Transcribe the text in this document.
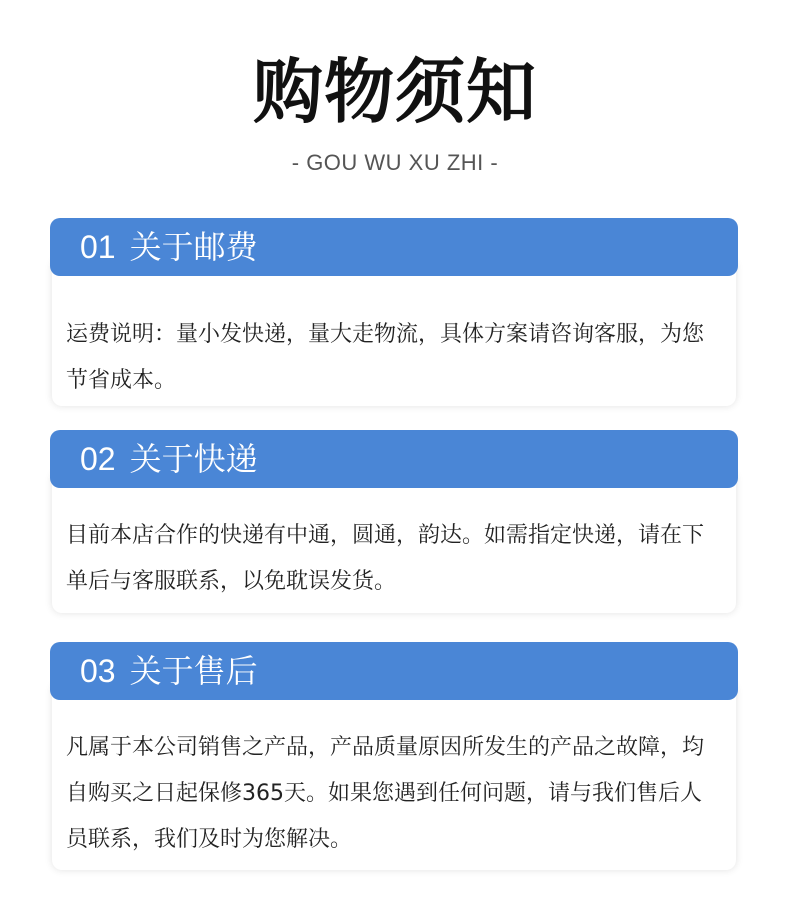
购物须知
- GOU WU XU ZHI -

运费说明：量小发快递，量大走物流，具体方案请咨询客服，为您节省成本。

01 关于邮费

目前本店合作的快递有中通，圆通，韵达。如需指定快递，请在下单后与客服联系，以免耽误发货。

02 关于快递

凡属于本公司销售之产品，产品质量原因所发生的产品之故障，均自购买之日起保修365天。如果您遇到任何问题，请与我们售后人员联系，我们及时为您解决。

03 关于售后
